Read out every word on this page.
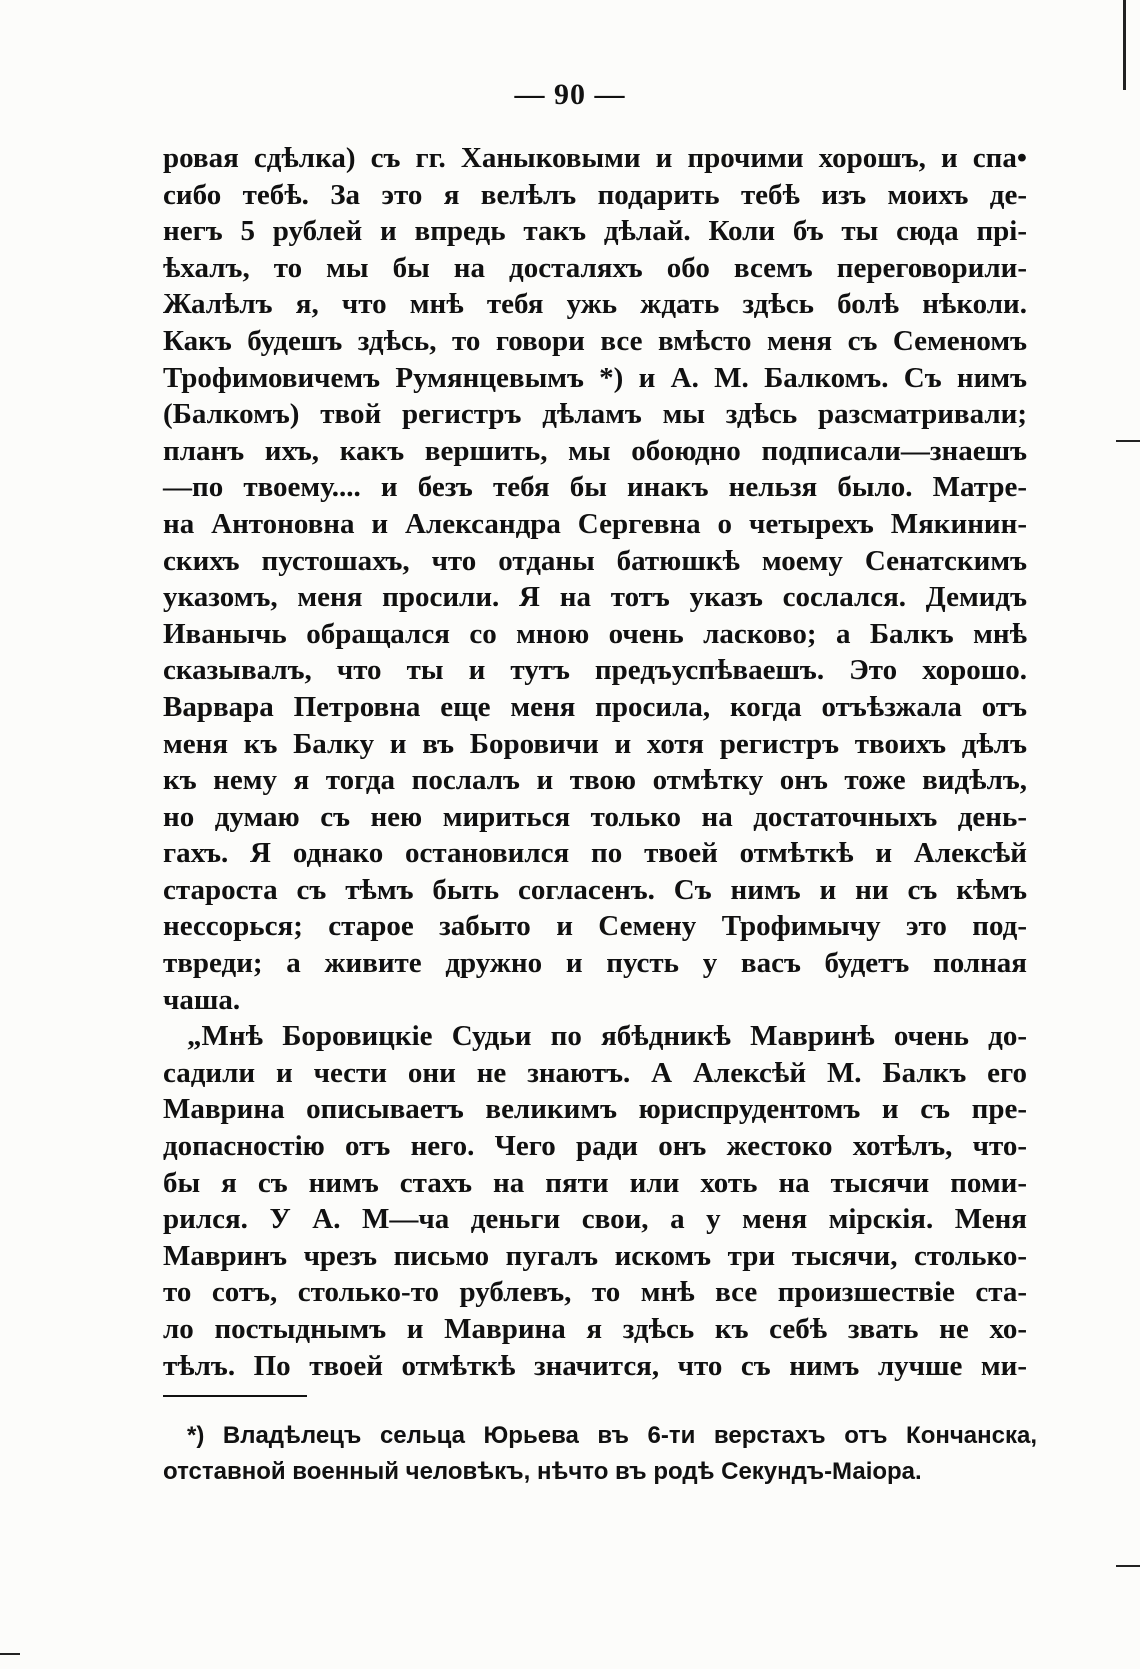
— 90 —
ровая сдѣлка) съ гг. Ханыковыми и прочими хорошъ, и спа•
сибо тебѣ. За это я велѣлъ подарить тебѣ изъ моихъ де-
негъ 5 рублей и впредь такъ дѣлай. Коли бъ ты сюда прі-
ѣхалъ, то мы бы на досталяхъ обо всемъ переговорили-
Жалѣлъ я, что мнѣ тебя ужь ждать здѣсь болѣ нѣколи.
Какъ будешъ здѣсь, то говори все вмѣсто меня съ Семеномъ
Трофимовичемъ Румянцевымъ *) и А. М. Балкомъ. Съ нимъ
(Балкомъ) твой регистръ дѣламъ мы здѣсь разсматривали;
планъ ихъ, какъ вершить, мы обоюдно подписали—знаешъ
—по твоему.... и безъ тебя бы инакъ нельзя было. Матре-
на Антоновна и Александра Сергевна о четырехъ Мякинин-
скихъ пустошахъ, что отданы батюшкѣ моему Сенатскимъ
указомъ, меня просили. Я на тотъ указъ сослался. Демидъ
Иванычь обращался со мною очень ласково; а Балкъ мнѣ
сказывалъ, что ты и тутъ предъуспѣваешъ. Это хорошо.
Варвара Петровна еще меня просила, когда отъѣзжала отъ
меня къ Балку и въ Боровичи и хотя регистръ твоихъ дѣлъ
къ нему я тогда послалъ и твою отмѣтку онъ тоже видѣлъ,
но думаю съ нею мириться только на достаточныхъ день-
гахъ. Я однако остановился по твоей отмѣткѣ и Алексѣй
староста съ тѣмъ быть согласенъ. Съ нимъ и ни съ кѣмъ
нессорься; старое забыто и Семену Трофимычу это под-
твреди; а живите дружно и пусть у васъ будетъ полная
чаша.
„Мнѣ Боровицкіе Судьи по ябѣдникѣ Мавринѣ очень до-
садили и чести они не знаютъ. А Алексѣй М. Балкъ его
Маврина описываетъ великимъ юриспрудентомъ и съ пре-
допасностію отъ него. Чего ради онъ жестоко хотѣлъ, что-
бы я съ нимъ стахъ на пяти или хоть на тысячи поми-
рился. У А. М—ча деньги свои, а у меня мірскія. Меня
Мавринъ чрезъ письмо пугалъ искомъ три тысячи, столько-
то сотъ, столько-то рублевъ, то мнѣ все произшествіе ста-
ло постыднымъ и Маврина я здѣсь къ себѣ звать не хо-
тѣлъ. По твоей отмѣткѣ значится, что съ нимъ лучше ми-
*) Владѣлецъ сельца Юрьева въ 6-ти верстахъ отъ Кончанска,
отставной военный человѣкъ, нѣчто въ родѣ Секундъ-Маіора.
